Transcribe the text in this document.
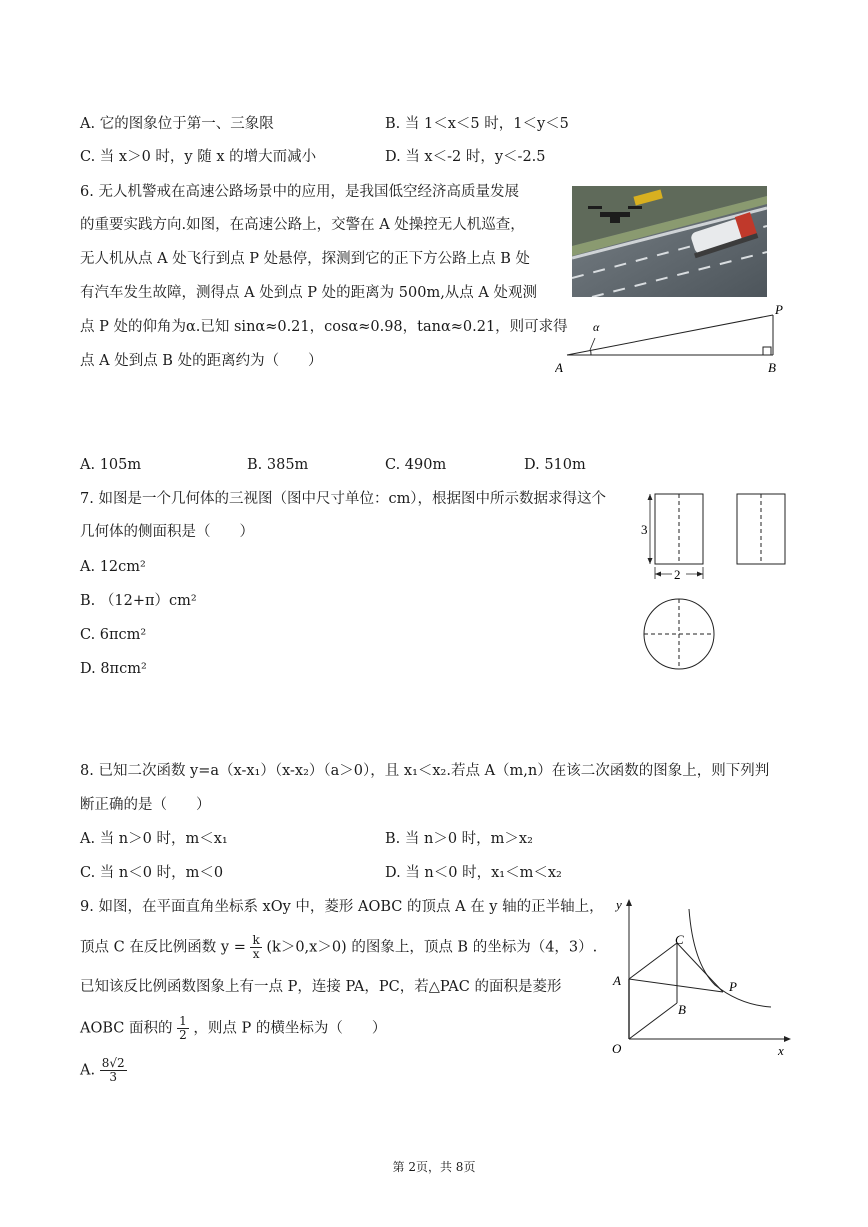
A. 它的图象位于第一、三象限	B. 当 1＜x＜5 时，1＜y＜5
C. 当 x＞0 时，y 随 x 的增大而减小	D. 当 x＜-2 时，y＜-2.5
6. 无人机警戒在高速公路场景中的应用，是我国低空经济高质量发展
的重要实践方向.如图，在高速公路上，交警在 A 处操控无人机巡查，
无人机从点 A 处飞行到点 P 处悬停，探测到它的正下方公路上点 B 处
有汽车发生故障，测得点 A 处到点 P 处的距离为 500m,从点 A 处观测
点 P 处的仰角为α.已知 sinα≈0.21，cosα≈0.98，tanα≈0.21，则可求得
点 A 处到点 B 处的距离约为（　　）
α
A	B
P
A. 105m	B. 385m	C. 490m	D. 510m
7. 如图是一个几何体的三视图（图中尺寸单位：cm），根据图中所示数据求得这个
几何体的侧面积是（　　）
A. 12cm²
B. （12+π）cm²
C. 6πcm²
D. 8πcm²
3
2
8. 已知二次函数 y=a（x-x₁）（x-x₂）（a＞0），且 x₁＜x₂.若点 A（m,n）在该二次函数的图象上，则下列判
断正确的是（　　）
A. 当 n＞0 时，m＜x₁	B. 当 n＞0 时，m＞x₂
C. 当 n＜0 时，m＜0	D. 当 n＜0 时，x₁＜m＜x₂
9. 如图，在平面直角坐标系 xOy 中，菱形 AOBC 的顶点 A 在 y 轴的正半轴上，
顶点 C 在反比例函数 $y = \frac{k}{x} (k>0,x>0)$ 的图象上，顶点 B 的坐标为（4，3）.
已知该反比例函数图象上有一点 P，连接 PA，PC，若△PAC 的面积是菱形
AOBC 面积的 $\frac{1}{2}$ ，则点 P 的横坐标为（　　）
A. $\frac{8√2}{3}$
y
x
O
A
B
C
P
第 2页，共 8页
